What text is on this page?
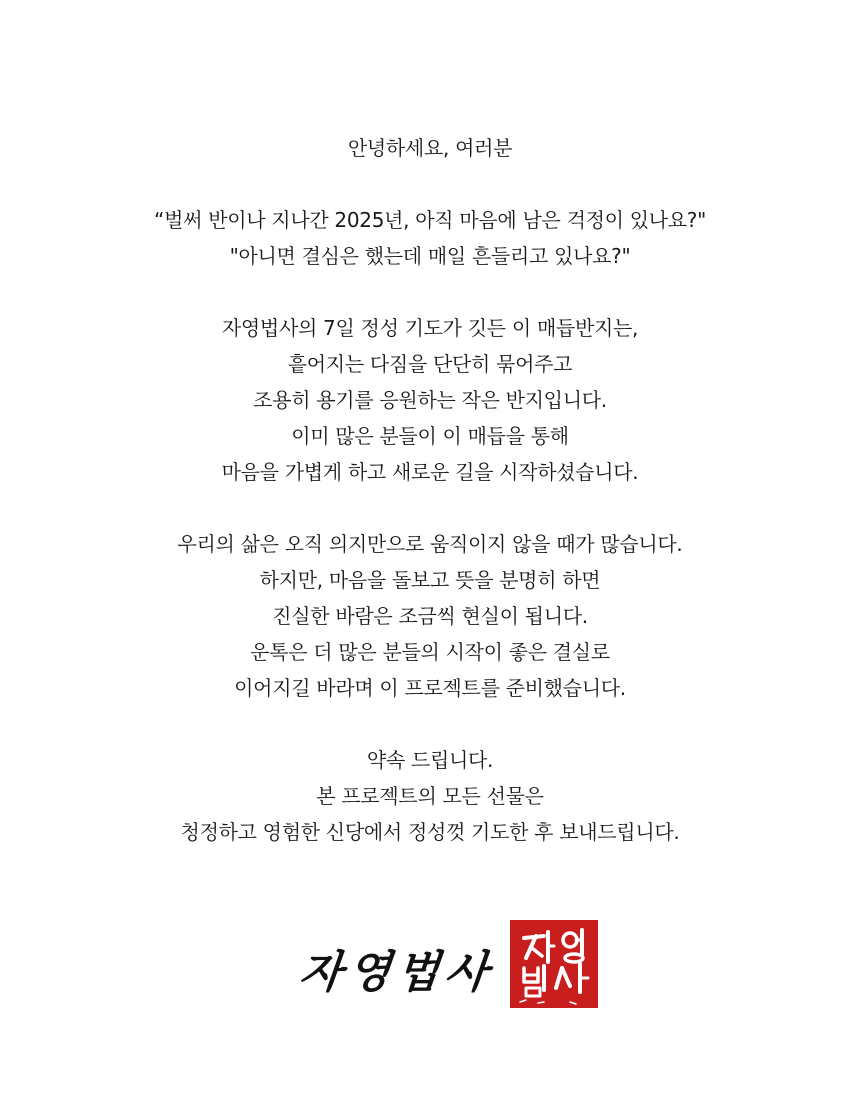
안녕하세요, 여러분
“벌써 반이나 지나간 2025년, 아직 마음에 남은 걱정이 있나요?"
"아니면 결심은 했는데 매일 흔들리고 있나요?"
자영법사의 7일 정성 기도가 깃든 이 매듭반지는,
흩어지는 다짐을 단단히 묶어주고
조용히 용기를 응원하는 작은 반지입니다.
이미 많은 분들이 이 매듭을 통해
마음을 가볍게 하고 새로운 길을 시작하셨습니다.
우리의 삶은 오직 의지만으로 움직이지 않을 때가 많습니다.
하지만, 마음을 돌보고 뜻을 분명히 하면
진실한 바람은 조금씩 현실이 됩니다.
운톡은 더 많은 분들의 시작이 좋은 결실로
이어지길 바라며 이 프로젝트를 준비했습니다.
약속 드립니다.
본 프로젝트의 모든 선물은
청정하고 영험한 신당에서 정성껏 기도한 후 보내드립니다.
자영법사
